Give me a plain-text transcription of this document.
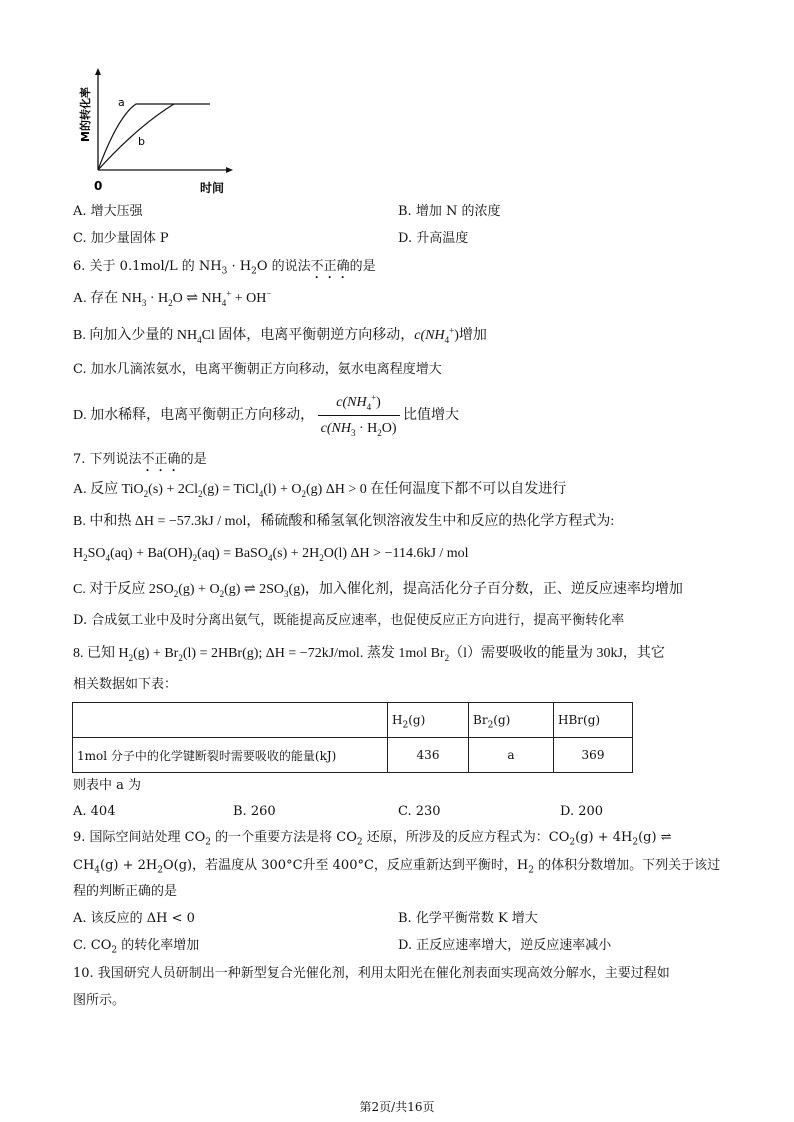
a
b
0	时间
M的转化率
A. 增大压强	B. 增加 N 的浓度
C. 加少量固体 P	D. 升高温度
6. 关于 0.1mol/L 的 $NH_3 \cdot H_2O$ 的说法不正确的是
A. 存在 $NH_3 \cdot H_2O$ ⇌ $NH_4^+ + OH^-$
B. 向加入少量的 $NH_4Cl$ 固体，电离平衡朝逆方向移动，$c(NH_4^+)$增加
C. 加水几滴浓氨水，电离平衡朝正方向移动，氨水电离程度增大
D. 加水稀释，电离平衡朝正方向移动， $\frac{c(NH_4^+)}{c(NH_3 \cdot H_2O)}$ 比值增大
7. 下列说法不正确的是
A. 反应 $TiO_2(s) + 2Cl_2(g)$ = TiCl$_4$(l) + $O_2(g) \Delta H > 0$ 在任何温度下都不可以自发进行
B. 中和热 ΔH = −57.3kJ / mol，稀硫酸和稀氢氧化钡溶液发生中和反应的热化学方程式为:
$H_2SO_4(aq) + Ba(OH)_2(aq)$ = BaSO$_4$(s) + $2H_2O(l) \Delta H > -114.6kJ$ / mol
C. 对于反应 $2SO_2(g) + O_2(g)$ ⇌ $2SO_3(g)$，加入催化剂，提高活化分子百分数，正、逆反应速率均增加
D. 合成氨工业中及时分离出氨气，既能提高反应速率，也促使反应正方向进行，提高平衡转化率
8. 已知 $H_2(g) + Br_2(l) = 2HBr(g)$; ΔH = −72kJ/mol. 蒸发 1mol $Br_2(l)$需要吸收的能量为 30kJ，其它
相关数据如下表：
	$H_2(g)$	$Br_2(g)$	HBr(g)
1mol 分子中的化学键断裂时需要吸收的能量(kJ)	436	a	369
则表中 a 为
A. 404	B. 260	C. 230	D. 200
9. 国际空间站处理 $CO_2$ 的一个重要方法是将 $CO_2$ 还原，所涉及的反应方程式为：$CO_2(g) + 4H_2(g)$ ⇌
$CH_4(g) + 2H_2O(g)$，若温度从 300°C升至 400°C，反应重新达到平衡时，$H_2$ 的体积分数增加。下列关于该过
程的判断正确的是
A. 该反应的 ΔH < 0	B. 化学平衡常数 K 增大
C. $CO_2$ 的转化率增加	D. 正反应速率增大，逆反应速率减小
10. 我国研究人员研制出一种新型复合光催化剂，利用太阳光在催化剂表面实现高效分解水，主要过程如
图所示。
第2页/共16页
